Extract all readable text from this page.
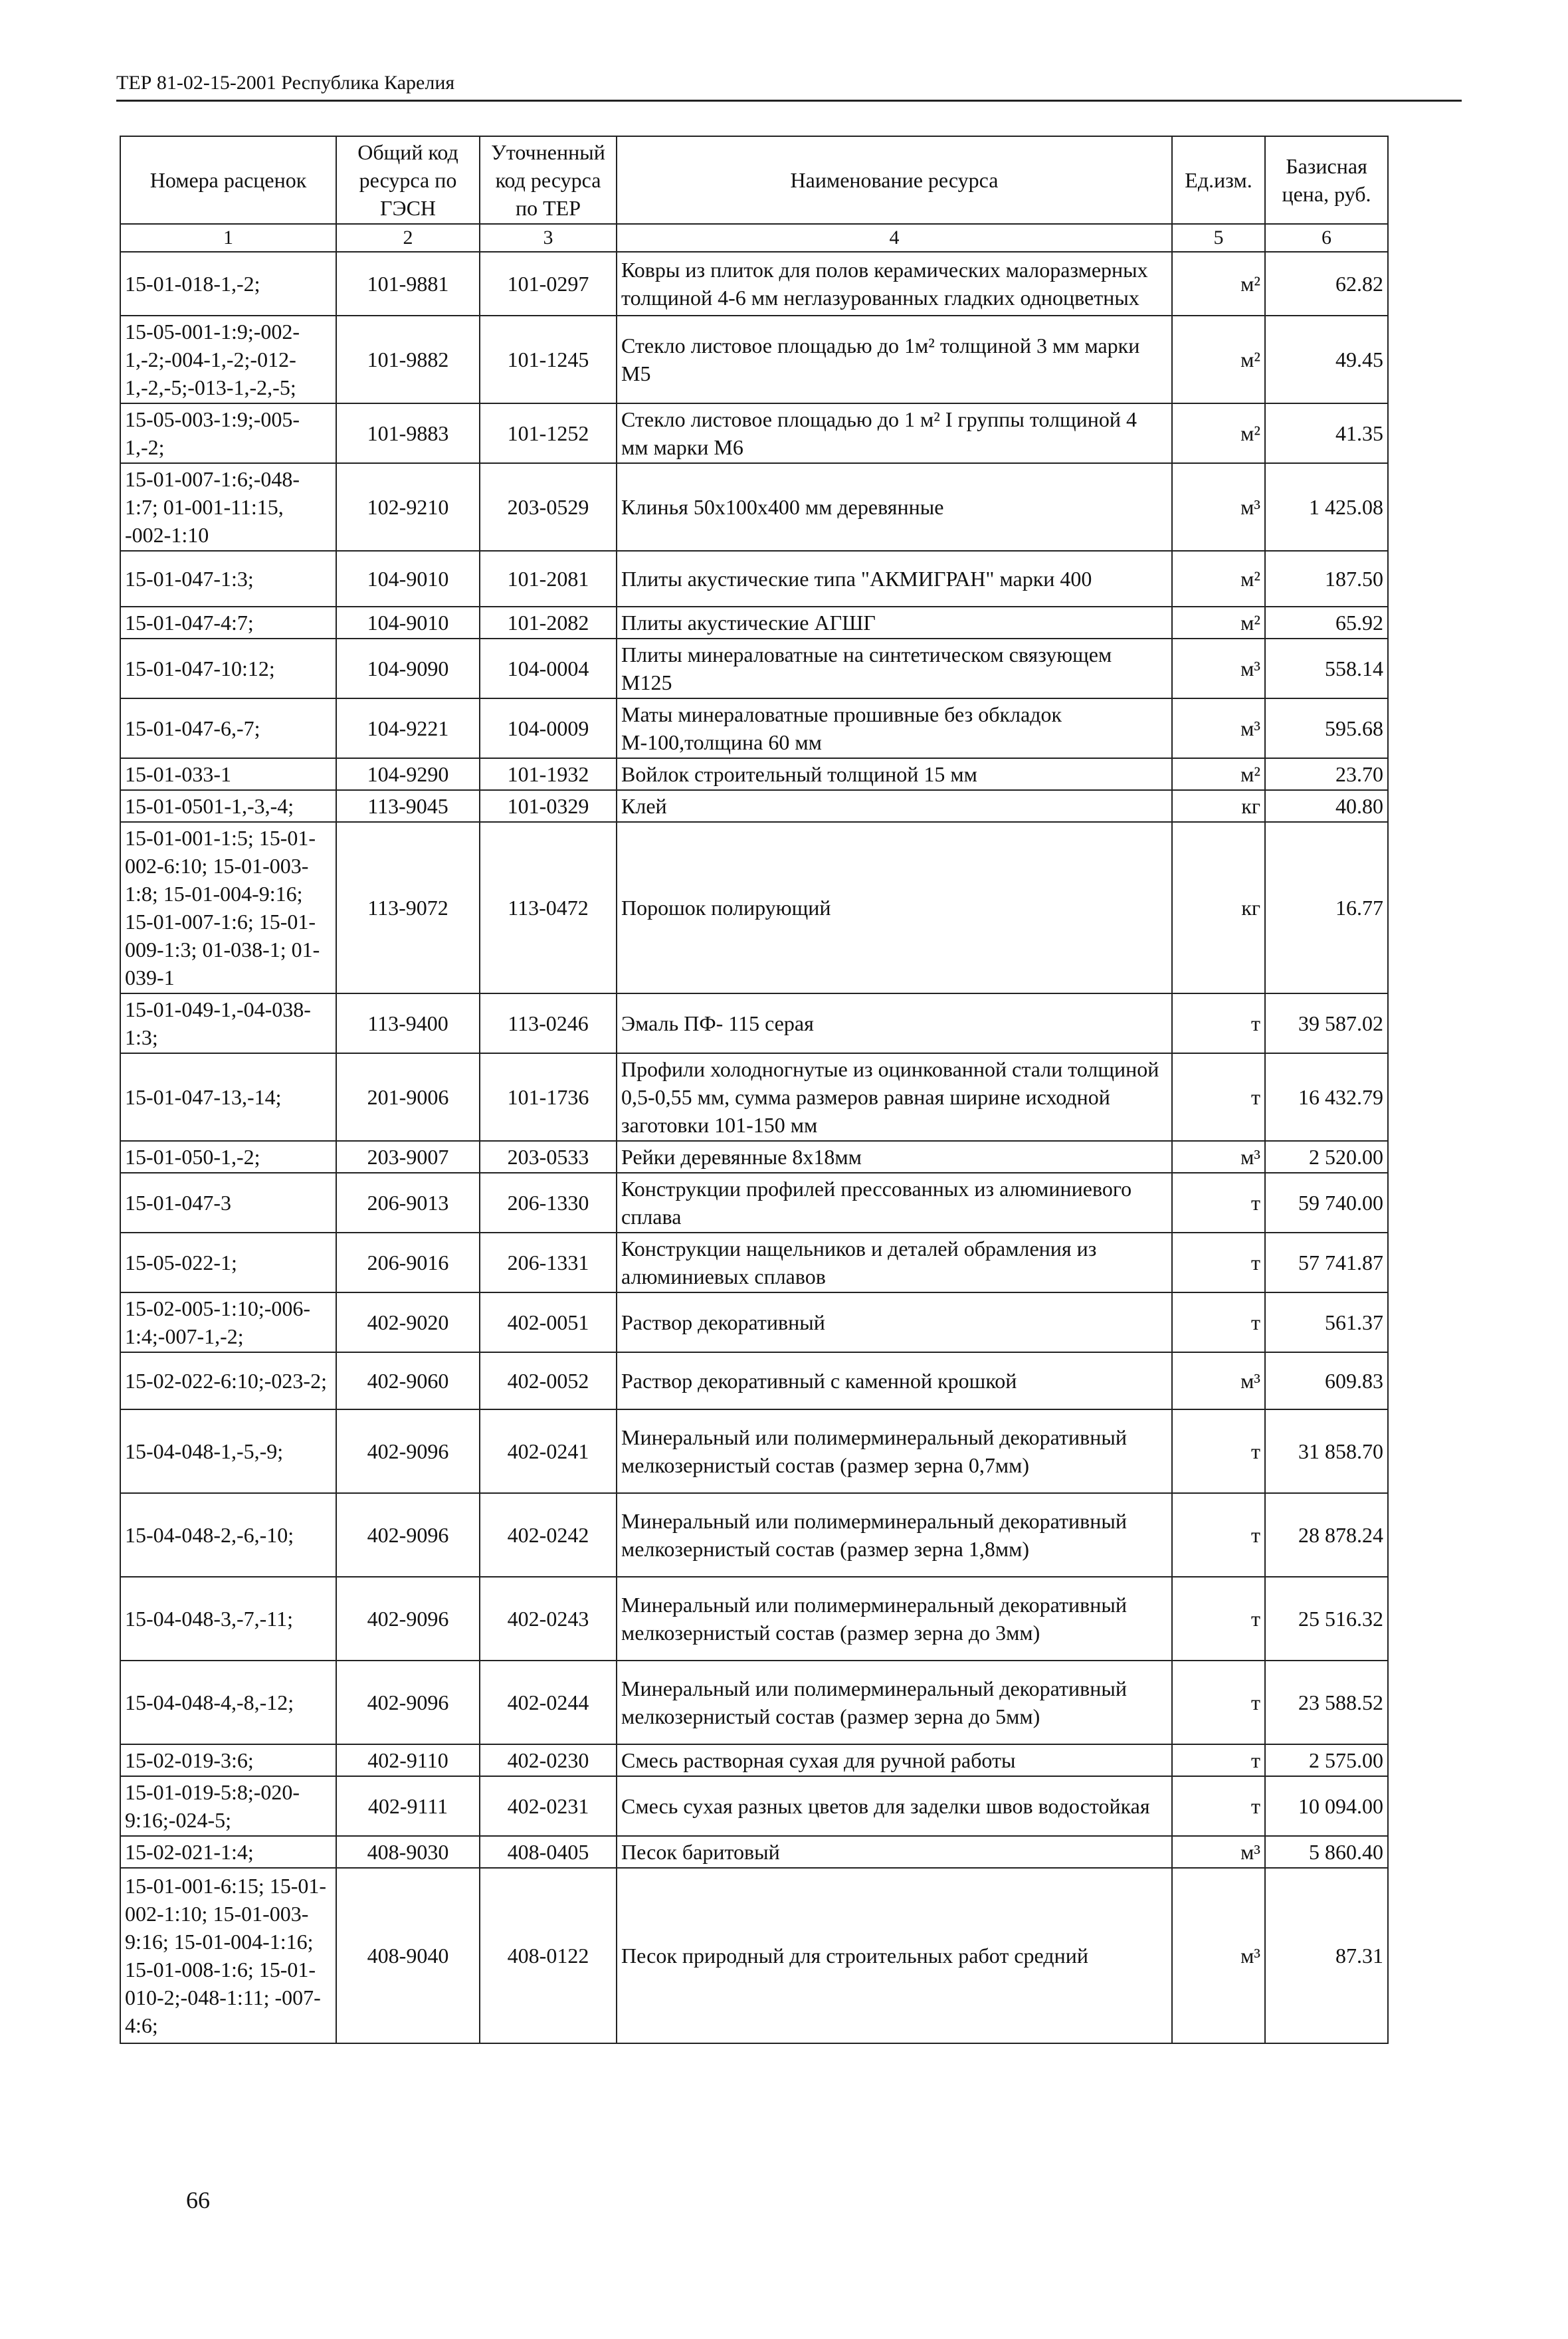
ТЕР 81-02-15-2001 Республика Карелия
Номера расценок	Общий код ресурса по ГЭСН	Уточненный код ресурса по ТЕР	Наименование ресурса	Ед.изм.	Базисная цена, руб.
1	2	3	4	5	6
15-01-018-1,-2;	101-9881	101-0297	Ковры из плиток для полов керамических малоразмерных толщиной 4-6 мм неглазурованных гладких одноцветных	м²	62.82
15-05-001-1:9;-002-1,-2;-004-1,-2;-012-1,-2,-5;-013-1,-2,-5;	101-9882	101-1245	Стекло листовое площадью до 1м² толщиной 3 мм марки М5	м²	49.45
15-05-003-1:9;-005-1,-2;	101-9883	101-1252	Стекло листовое площадью до 1 м² I группы толщиной 4 мм марки М6	м²	41.35
15-01-007-1:6;-048-1:7; 01-001-11:15, -002-1:10	102-9210	203-0529	Клинья 50х100х400 мм деревянные	м³	1 425.08
15-01-047-1:3;	104-9010	101-2081	Плиты акустические типа "АКМИГРАН" марки 400	м²	187.50
15-01-047-4:7;	104-9010	101-2082	Плиты акустические АГШГ	м²	65.92
15-01-047-10:12;	104-9090	104-0004	Плиты минераловатные на синтетическом связующем М125	м³	558.14
15-01-047-6,-7;	104-9221	104-0009	Маты минераловатные прошивные без обкладок М-100,толщина 60 мм	м³	595.68
15-01-033-1	104-9290	101-1932	Войлок строительный толщиной 15 мм	м²	23.70
15-01-0501-1,-3,-4;	113-9045	101-0329	Клей	кг	40.80
15-01-001-1:5; 15-01-002-6:10; 15-01-003-1:8; 15-01-004-9:16; 15-01-007-1:6; 15-01-009-1:3; 01-038-1; 01-039-1	113-9072	113-0472	Порошок полирующий	кг	16.77
15-01-049-1,-04-038-1:3;	113-9400	113-0246	Эмаль ПФ- 115 серая	т	39 587.02
15-01-047-13,-14;	201-9006	101-1736	Профили холодногнутые из оцинкованной стали толщиной 0,5-0,55 мм, сумма размеров равная ширине исходной заготовки 101-150 мм	т	16 432.79
15-01-050-1,-2;	203-9007	203-0533	Рейки деревянные 8х18мм	м³	2 520.00
15-01-047-3	206-9013	206-1330	Конструкции профилей прессованных из алюминиевого сплава	т	59 740.00
15-05-022-1;	206-9016	206-1331	Конструкции нащельников и деталей обрамления из алюминиевых сплавов	т	57 741.87
15-02-005-1:10;-006-1:4;-007-1,-2;	402-9020	402-0051	Раствор декоративный	т	561.37
15-02-022-6:10;-023-2;	402-9060	402-0052	Раствор декоративный с каменной крошкой	м³	609.83
15-04-048-1,-5,-9;	402-9096	402-0241	Минеральный или полимерминеральный декоративный мелкозернистый состав (размер зерна 0,7мм)	т	31 858.70
15-04-048-2,-6,-10;	402-9096	402-0242	Минеральный или полимерминеральный декоративный мелкозернистый состав (размер зерна 1,8мм)	т	28 878.24
15-04-048-3,-7,-11;	402-9096	402-0243	Минеральный или полимерминеральный декоративный мелкозернистый состав (размер зерна до 3мм)	т	25 516.32
15-04-048-4,-8,-12;	402-9096	402-0244	Минеральный или полимерминеральный декоративный мелкозернистый состав (размер зерна до 5мм)	т	23 588.52
15-02-019-3:6;	402-9110	402-0230	Смесь растворная сухая для ручной работы	т	2 575.00
15-01-019-5:8;-020-9:16;-024-5;	402-9111	402-0231	Смесь сухая разных цветов для заделки швов водостойкая	т	10 094.00
15-02-021-1:4;	408-9030	408-0405	Песок баритовый	м³	5 860.40
15-01-001-6:15; 15-01-002-1:10; 15-01-003-9:16; 15-01-004-1:16; 15-01-008-1:6; 15-01-010-2;-048-1:11; -007-4:6;	408-9040	408-0122	Песок природный для строительных работ средний	м³	87.31
66
